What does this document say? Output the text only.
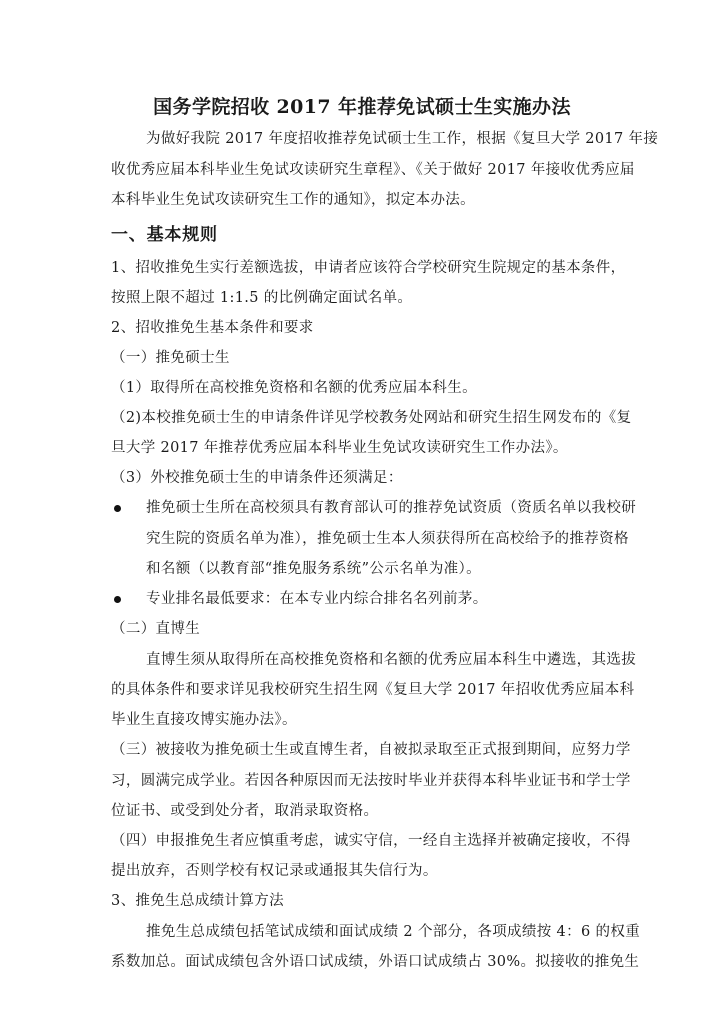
国务学院招收 2017 年推荐免试硕士生实施办法
为做好我院 2017 年度招收推荐免试硕士生工作，根据《复旦大学 2017 年接
收优秀应届本科毕业生免试攻读研究生章程》、《关于做好 2017 年接收优秀应届
本科毕业生免试攻读研究生工作的通知》，拟定本办法。
一、基本规则
1、招收推免生实行差额选拔，申请者应该符合学校研究生院规定的基本条件，
按照上限不超过 1:1.5 的比例确定面试名单。
2、招收推免生基本条件和要求
（一）推免硕士生
（1）取得所在高校推免资格和名额的优秀应届本科生。
（2)本校推免硕士生的申请条件详见学校教务处网站和研究生招生网发布的《复
旦大学 2017 年推荐优秀应届本科毕业生免试攻读研究生工作办法》。
（3）外校推免硕士生的申请条件还须满足：
推免硕士生所在高校须具有教育部认可的推荐免试资质（资质名单以我校研
究生院的资质名单为准），推免硕士生本人须获得所在高校给予的推荐资格
和名额（以教育部“推免服务系统”公示名单为准）。
专业排名最低要求：在本专业内综合排名名列前茅。
（二）直博生
直博生须从取得所在高校推免资格和名额的优秀应届本科生中遴选，其选拔
的具体条件和要求详见我校研究生招生网《复旦大学 2017 年招收优秀应届本科
毕业生直接攻博实施办法》。
（三）被接收为推免硕士生或直博生者，自被拟录取至正式报到期间，应努力学
习，圆满完成学业。若因各种原因而无法按时毕业并获得本科毕业证书和学士学
位证书、或受到处分者，取消录取资格。
（四）申报推免生者应慎重考虑，诚实守信，一经自主选择并被确定接收，不得
提出放弃，否则学校有权记录或通报其失信行为。
3、推免生总成绩计算方法
推免生总成绩包括笔试成绩和面试成绩 2 个部分，各项成绩按 4：6 的权重
系数加总。面试成绩包含外语口试成绩，外语口试成绩占 30%。拟接收的推免生
